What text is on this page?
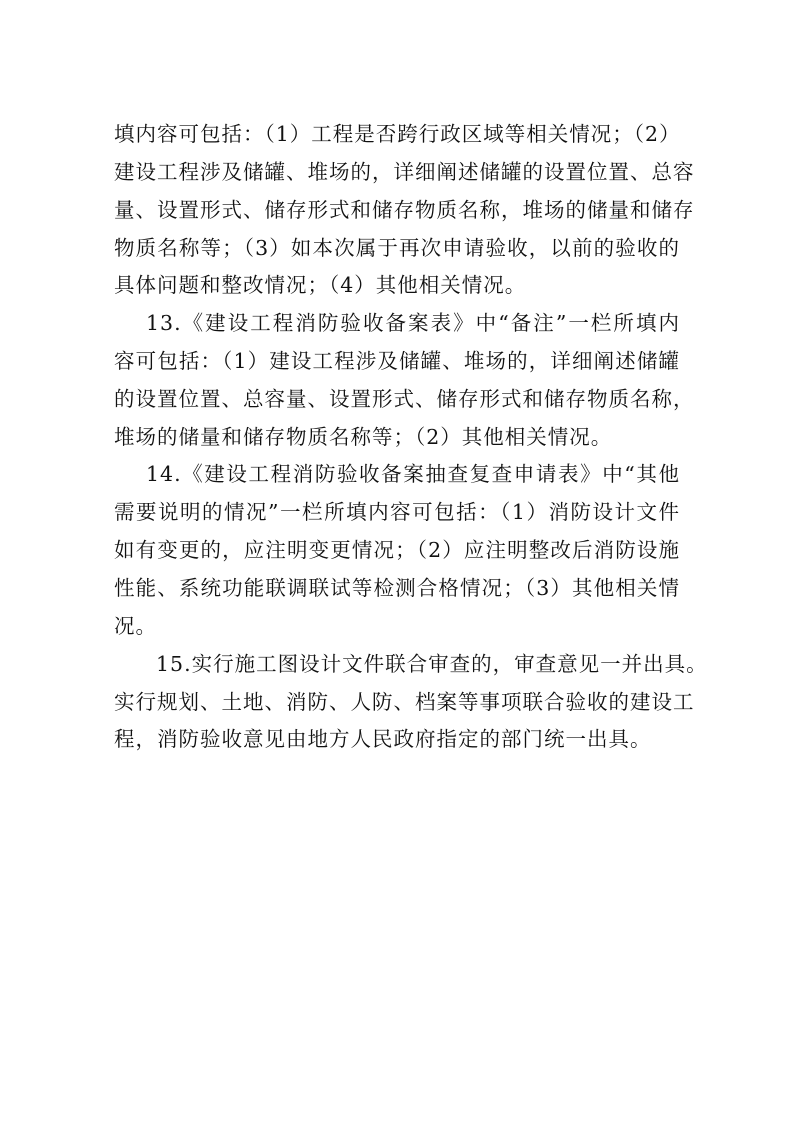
填内容可包括：（1）工程是否跨行政区域等相关情况；（2）
建设工程涉及储罐、堆场的，详细阐述储罐的设置位置、总容
量、设置形式、储存形式和储存物质名称，堆场的储量和储存
物质名称等；（3）如本次属于再次申请验收，以前的验收的
具体问题和整改情况；（4）其他相关情况。
13.《建设工程消防验收备案表》中“备注”一栏所填内
容可包括：（1）建设工程涉及储罐、堆场的，详细阐述储罐
的设置位置、总容量、设置形式、储存形式和储存物质名称，
堆场的储量和储存物质名称等；（2）其他相关情况。
14.《建设工程消防验收备案抽查复查申请表》中“其他
需要说明的情况”一栏所填内容可包括：（1）消防设计文件
如有变更的，应注明变更情况；（2）应注明整改后消防设施
性能、系统功能联调联试等检测合格情况；（3）其他相关情
况。
15.实行施工图设计文件联合审查的，审查意见一并出具。
实行规划、土地、消防、人防、档案等事项联合验收的建设工
程，消防验收意见由地方人民政府指定的部门统一出具。
